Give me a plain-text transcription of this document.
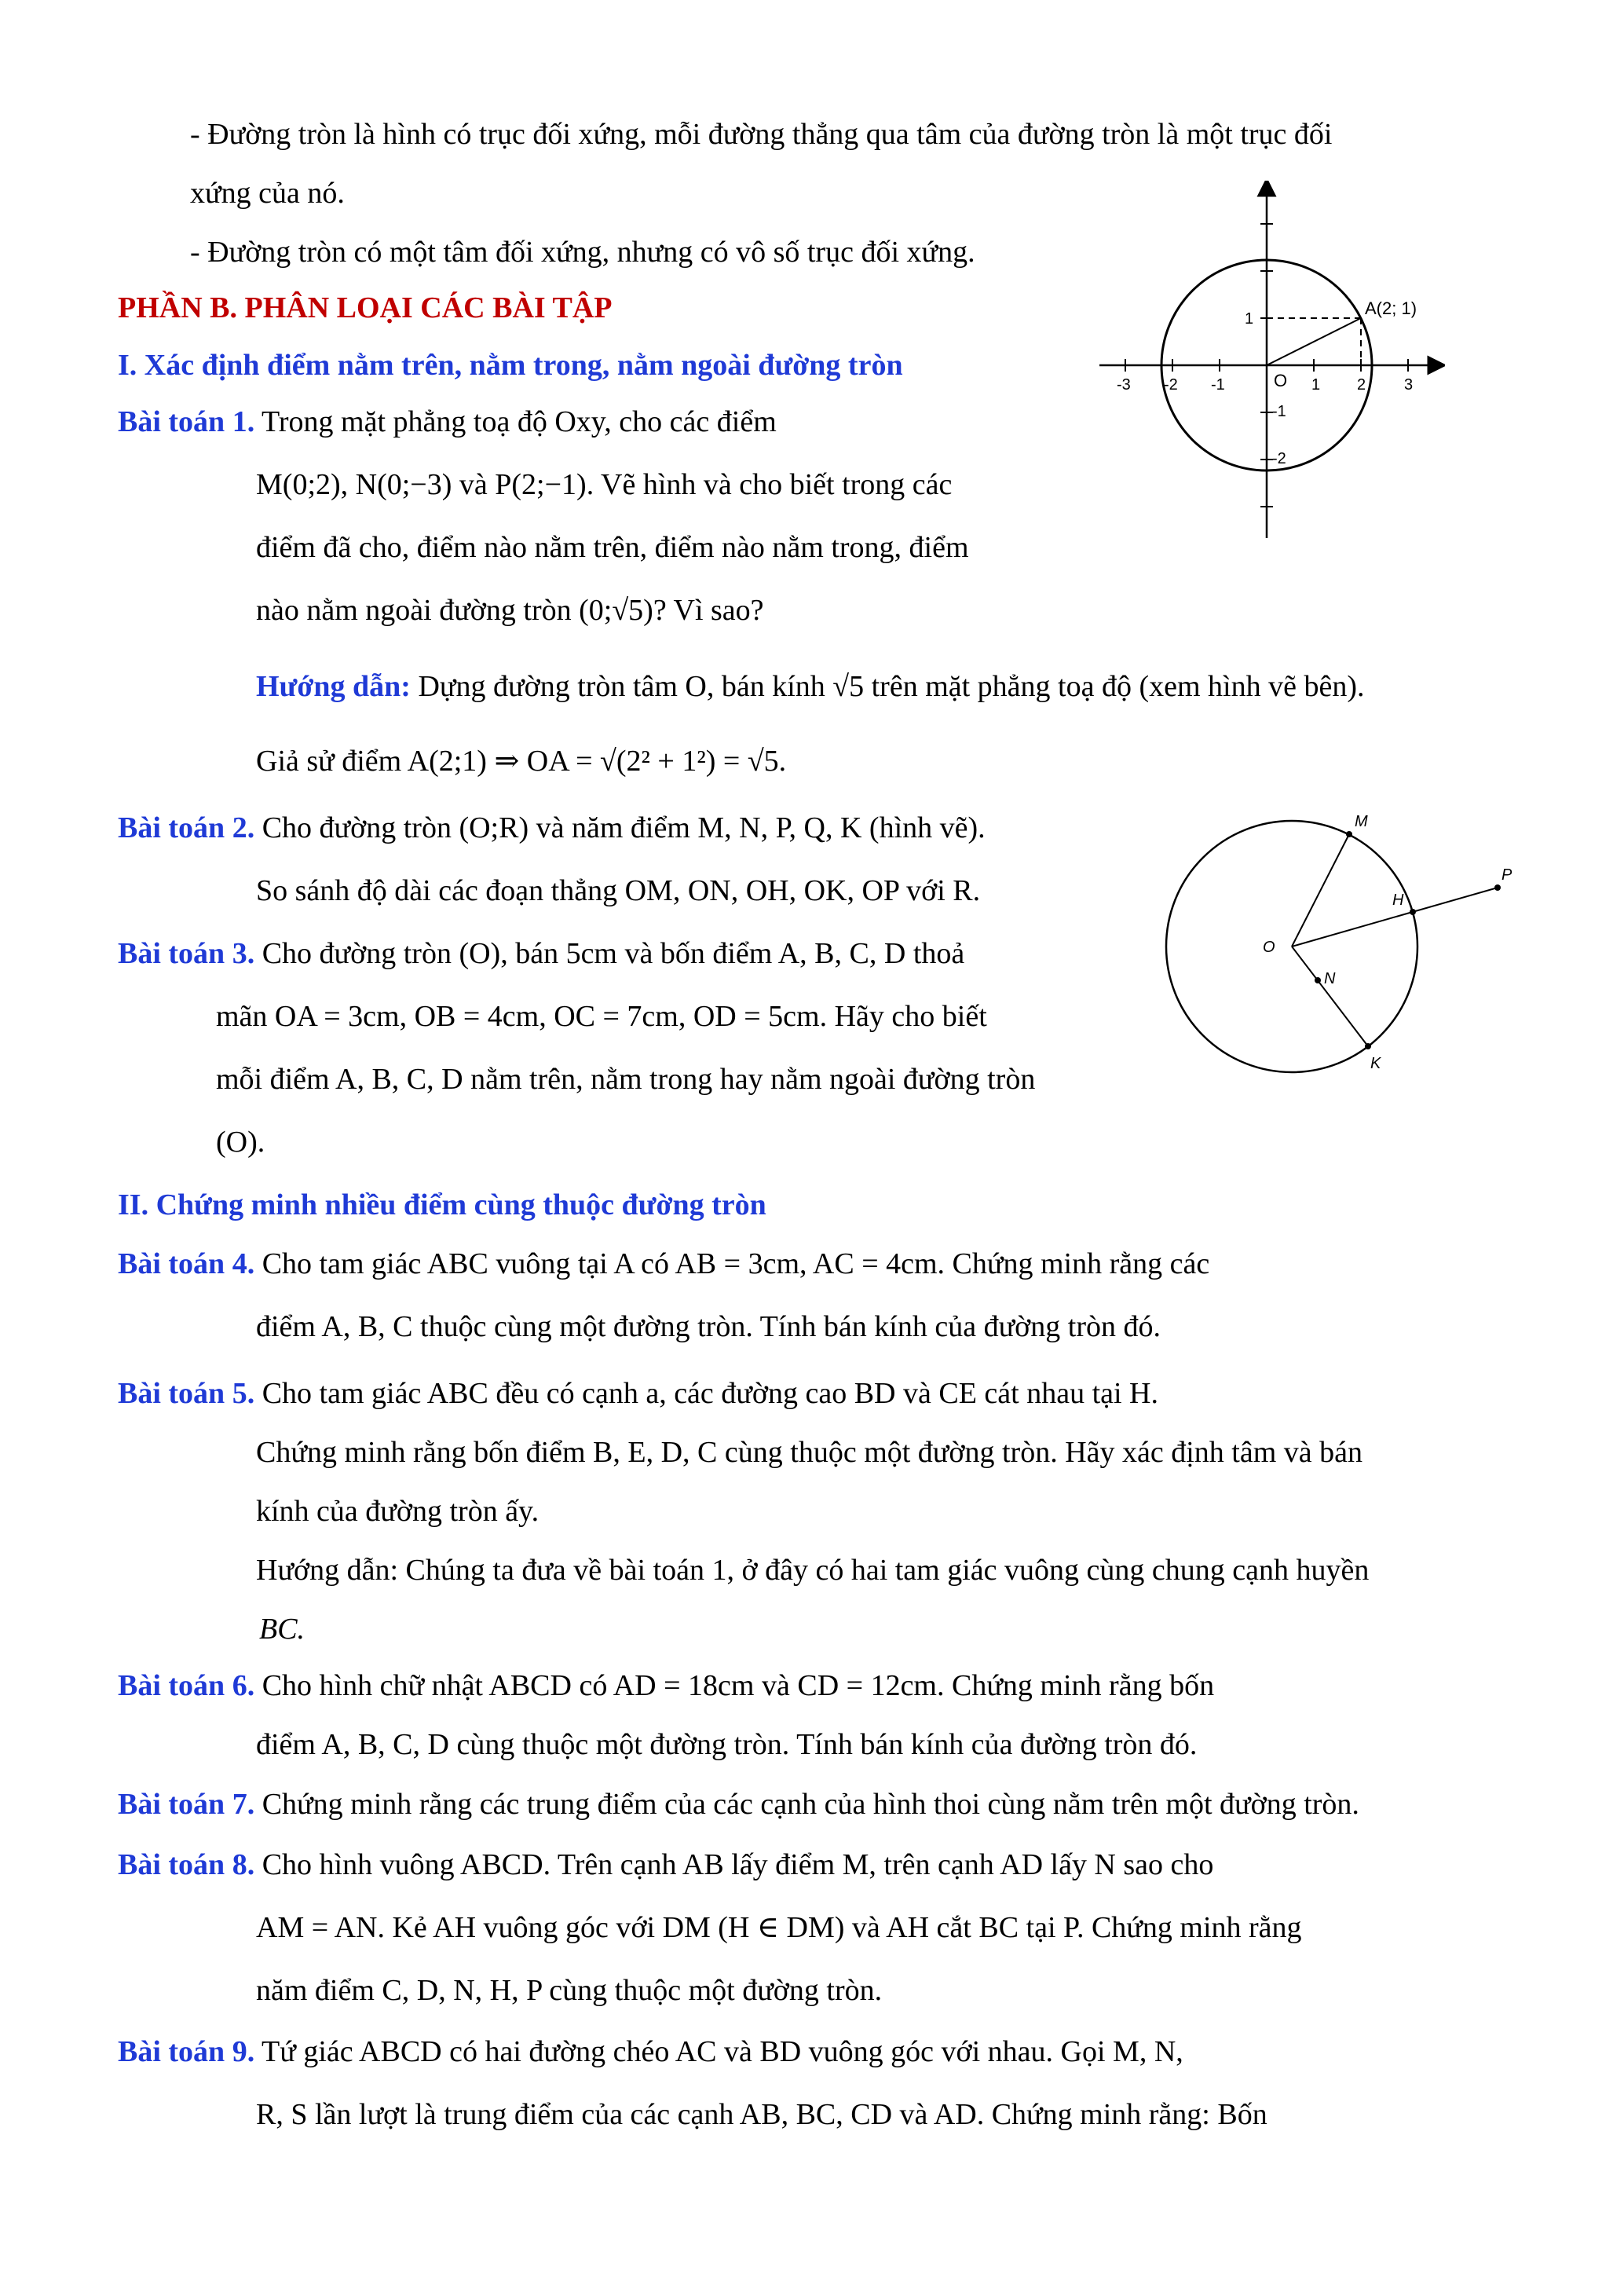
- Đường tròn là hình có trục đối xứng, mỗi đường thẳng qua tâm của đường tròn là một trục đối
xứng của nó.
- Đường tròn có một tâm đối xứng, nhưng có vô số trục đối xứng.
PHẦN B. PHÂN LOẠI CÁC BÀI TẬP
I. Xác định điểm nằm trên, nằm trong, nằm ngoài đường tròn
Bài toán 1. Trong mặt phẳng toạ độ Oxy, cho các điểm
M(0;2), N(0;−3) và P(2;−1). Vẽ hình và cho biết trong các
điểm đã cho, điểm nào nằm trên, điểm nào nằm trong, điểm
nào nằm ngoài đường tròn (0;√5)? Vì sao?
Hướng dẫn: Dựng đường tròn tâm O, bán kính √5 trên mặt phẳng toạ độ (xem hình vẽ bên).
Giả sử điểm A(2;1) ⇒ OA = √(2² + 1²) = √5.
Bài toán 2. Cho đường tròn (O;R) và năm điểm M, N, P, Q, K (hình vẽ).
So sánh độ dài các đoạn thẳng OM, ON, OH, OK, OP với R.
Bài toán 3. Cho đường tròn (O), bán 5cm và bốn điểm A, B, C, D thoả
mãn OA = 3cm, OB = 4cm, OC = 7cm, OD = 5cm. Hãy cho biết
mỗi điểm A, B, C, D nằm trên, nằm trong hay nằm ngoài đường tròn
(O).
II. Chứng minh nhiều điểm cùng thuộc đường tròn
Bài toán 4. Cho tam giác ABC vuông tại A có AB = 3cm, AC = 4cm. Chứng minh rằng các
điểm A, B, C thuộc cùng một đường tròn. Tính bán kính của đường tròn đó.
Bài toán 5. Cho tam giác ABC đều có cạnh a, các đường cao BD và CE cát nhau tại H.
Chứng minh rằng bốn điểm B, E, D, C cùng thuộc một đường tròn. Hãy xác định tâm và bán
kính của đường tròn ấy.
Hướng dẫn: Chúng ta đưa về bài toán 1, ở đây có hai tam giác vuông cùng chung cạnh huyền
BC.
Bài toán 6. Cho hình chữ nhật ABCD có AD = 18cm và CD = 12cm. Chứng minh rằng bốn
điểm A, B, C, D cùng thuộc một đường tròn. Tính bán kính của đường tròn đó.
Bài toán 7. Chứng minh rằng các trung điểm của các cạnh của hình thoi cùng nằm trên một đường tròn.
Bài toán 8. Cho hình vuông ABCD. Trên cạnh AB lấy điểm M, trên cạnh AD lấy N sao cho
AM = AN. Kẻ AH vuông góc với DM (H ∈ DM) và AH cắt BC tại P. Chứng minh rằng
năm điểm C, D, N, H, P cùng thuộc một đường tròn.
Bài toán 9. Tứ giác ABCD có hai đường chéo AC và BD vuông góc với nhau. Gọi M, N,
R, S lần lượt là trung điểm của các cạnh AB, BC, CD và AD. Chứng minh rằng: Bốn
A(2; 1)
O
-3 -2 -1	1 2 3
1
-1
-2
M
H
P
O
N
K
